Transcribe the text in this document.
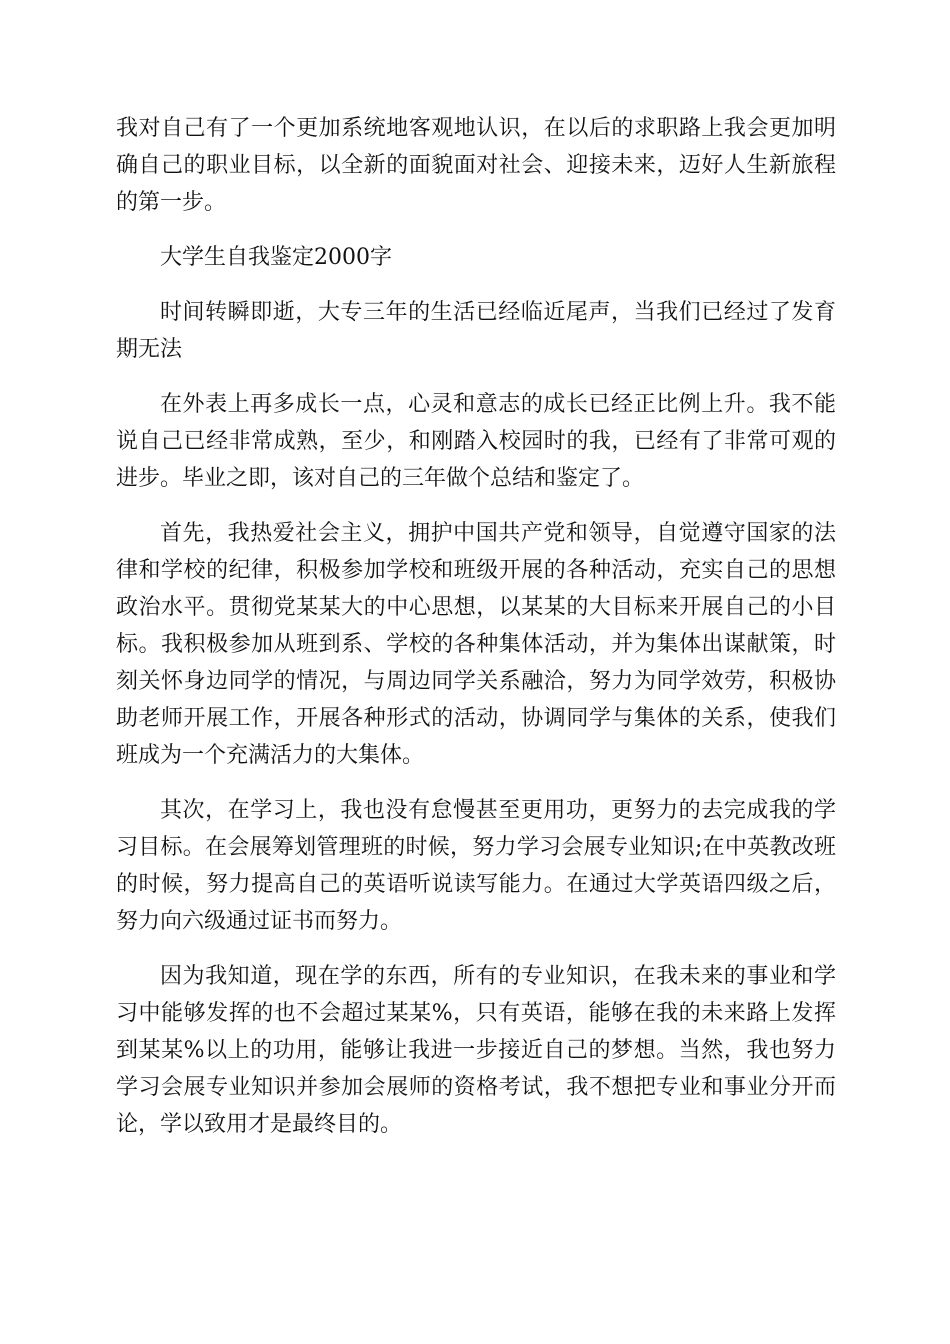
我对自己有了一个更加系统地客观地认识，在以后的求职路上我会更加明确自己的职业目标，以全新的面貌面对社会、迎接未来，迈好人生新旅程的第一步。

大学生自我鉴定2000字

时间转瞬即逝，大专三年的生活已经临近尾声，当我们已经过了发育期无法

在外表上再多成长一点，心灵和意志的成长已经正比例上升。我不能说自己已经非常成熟，至少，和刚踏入校园时的我，已经有了非常可观的进步。毕业之即，该对自己的三年做个总结和鉴定了。

首先，我热爱社会主义，拥护中国共产党和领导，自觉遵守国家的法律和学校的纪律，积极参加学校和班级开展的各种活动，充实自己的思想政治水平。贯彻党某某大的中心思想，以某某的大目标来开展自己的小目标。我积极参加从班到系、学校的各种集体活动，并为集体出谋献策，时刻关怀身边同学的情况，与周边同学关系融洽，努力为同学效劳，积极协助老师开展工作，开展各种形式的活动，协调同学与集体的关系，使我们班成为一个充满活力的大集体。

其次，在学习上，我也没有怠慢甚至更用功，更努力的去完成我的学习目标。在会展筹划管理班的时候，努力学习会展专业知识;在中英教改班的时候，努力提高自己的英语听说读写能力。在通过大学英语四级之后，努力向六级通过证书而努力。

因为我知道，现在学的东西，所有的专业知识，在我未来的事业和学习中能够发挥的也不会超过某某%，只有英语，能够在我的未来路上发挥到某某%以上的功用，能够让我进一步接近自己的梦想。当然，我也努力学习会展专业知识并参加会展师的资格考试，我不想把专业和事业分开而论，学以致用才是最终目的。
